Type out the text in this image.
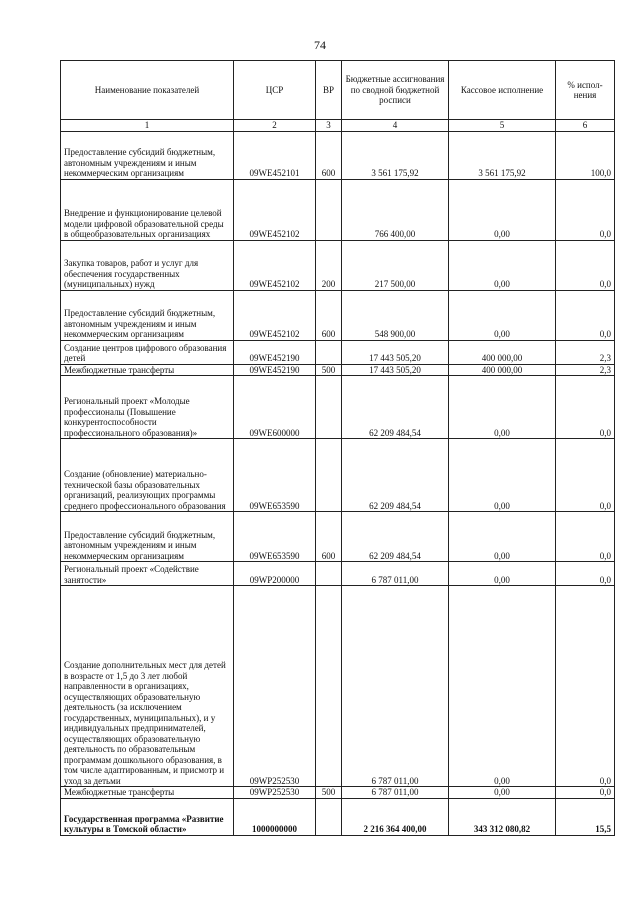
74
Наименование показателей	ЦСР	ВР	Бюджетные ассигнования по сводной бюджетной росписи	Кассовое исполнение	% испол-нения
1	2	3	4	5	6
Предоставление субсидий бюджетным, автономным учреждениям и иным некоммерческим организациям	09WE452101	600	3 561 175,92	3 561 175,92	100,0
Внедрение и функционирование целевой модели цифровой образовательной среды в общеобразовательных организациях	09WE452102		766 400,00	0,00	0,0
Закупка товаров, работ и услуг для обеспечения государственных (муниципальных) нужд	09WE452102	200	217 500,00	0,00	0,0
Предоставление субсидий бюджетным, автономным учреждениям и иным некоммерческим организациям	09WE452102	600	548 900,00	0,00	0,0
Создание центров цифрового образования детей	09WE452190		17 443 505,20	400 000,00	2,3
Межбюджетные трансферты	09WE452190	500	17 443 505,20	400 000,00	2,3
Региональный проект «Молодые профессионалы (Повышение конкурентоспособности профессионального образования)»	09WE600000		62 209 484,54	0,00	0,0
Создание (обновление) материально-технической базы образовательных организаций, реализующих программы среднего профессионального образования	09WE653590		62 209 484,54	0,00	0,0
Предоставление субсидий бюджетным, автономным учреждениям и иным некоммерческим организациям	09WE653590	600	62 209 484,54	0,00	0,0
Региональный проект «Содействие занятости»	09WP200000		6 787 011,00	0,00	0,0
Создание дополнительных мест для детей в возрасте от 1,5 до 3 лет любой направленности в организациях, осуществляющих образовательную деятельность (за исключением государственных, муниципальных), и у индивидуальных предпринимателей, осуществляющих образовательную деятельность по образовательным программам дошкольного образования, в том числе адаптированным, и присмотр и уход за детьми	09WP252530		6 787 011,00	0,00	0,0
Межбюджетные трансферты	09WP252530	500	6 787 011,00	0,00	0,0
Государственная программа «Развитие культуры в Томской области»	1000000000		2 216 364 400,00	343 312 080,82	15,5
